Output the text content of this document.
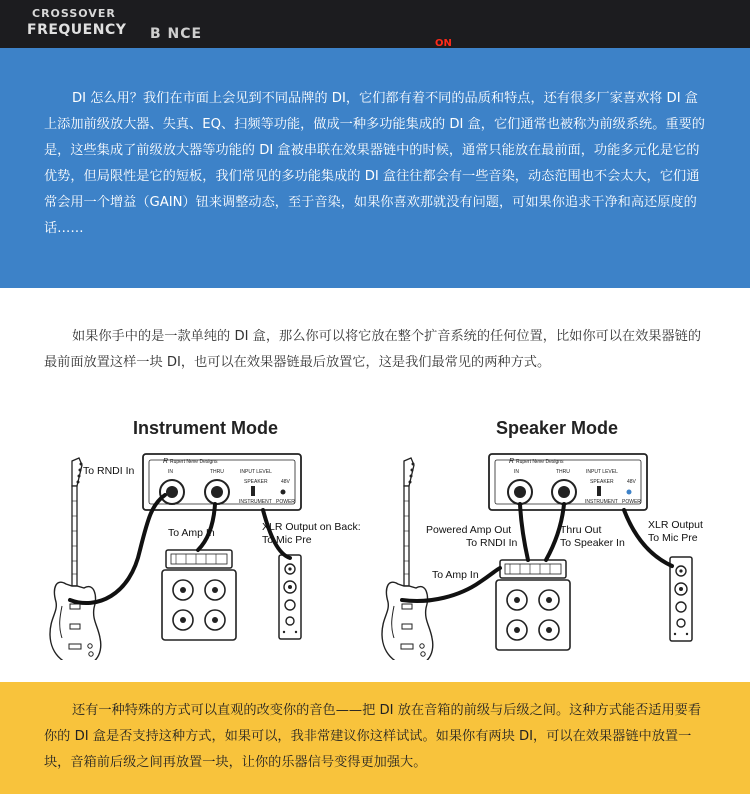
CROSSOVER
FREQUENCY B NCE
ON

DI 怎么用？我们在市面上会见到不同品牌的 DI，它们都有着不同的品质和特点，还有很多厂家喜欢将 DI 盒上添加前级放大器、失真、EQ、扫频等功能，做成一种多功能集成的 DI 盒，它们通常也被称为前级系统。重要的是，这些集成了前级放大器等功能的 DI 盒被串联在效果器链中的时候，通常只能放在最前面，功能多元化是它的优势，但局限性是它的短板，我们常见的多功能集成的 DI 盒往往都会有一些音染，动态范围也不会太大，它们通常会用一个增益（GAIN）钮来调整动态，至于音染，如果你喜欢那就没有问题，可如果你追求干净和高还原度的话……

如果你手中的是一款单纯的 DI 盒，那么你可以将它放在整个扩音系统的任何位置，比如你可以在效果器链的最前面放置这样一块 DI，也可以在效果器链最后放置它，这是我们最常见的两种方式。

Instrument Mode
R Rupert Neve Designs
IN	THRU	INPUT LEVEL
SPEAKER
INSTRUMENT
48V
POWER
To RNDI In
To Amp In	XLR Output on Back:
To Mic Pre
Speaker Mode
R Rupert Neve Designs
IN	THRU	INPUT LEVEL
SPEAKER
INSTRUMENT
48V
POWER
Powered Amp Out
To RNDI In
Thru Out
To Speaker In
To Amp In
XLR Output
To Mic Pre

还有一种特殊的方式可以直观的改变你的音色——把 DI 放在音箱的前级与后级之间。这种方式能否适用要看你的 DI 盒是否支持这种方式，如果可以，我非常建议你这样试试。如果你有两块 DI，可以在效果器链中放置一块，音箱前后级之间再放置一块，让你的乐器信号变得更加强大。
